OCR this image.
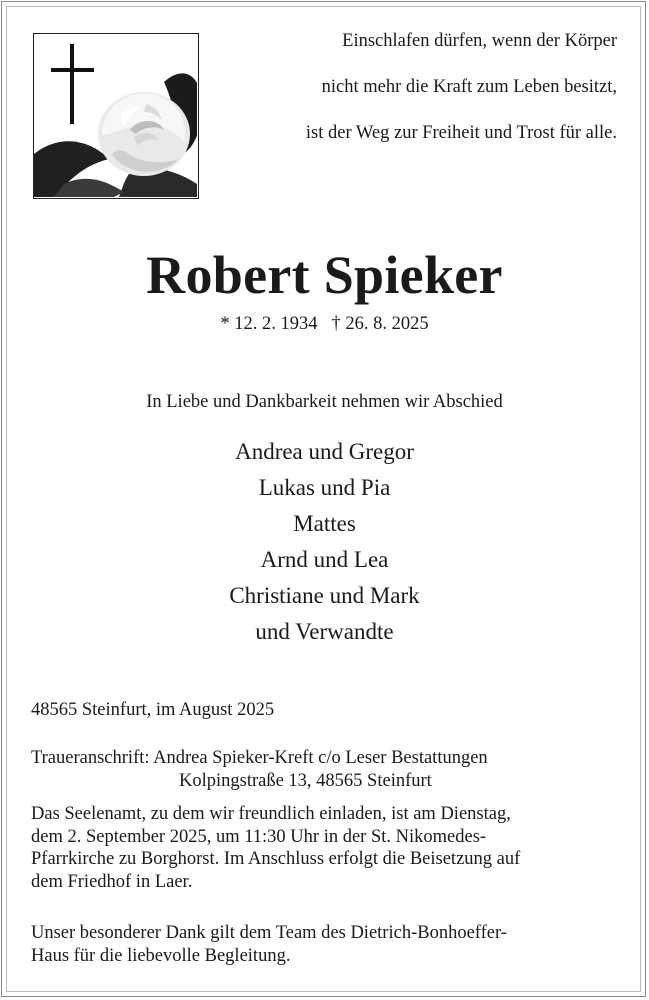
Einschlafen dürfen, wenn der Körper
nicht mehr die Kraft zum Leben besitzt,
ist der Weg zur Freiheit und Trost für alle.
Robert Spieker
* 12. 2. 1934 † 26. 8. 2025
In Liebe und Dankbarkeit nehmen wir Abschied
Andrea und Gregor
Lukas und Pia
Mattes
Arnd und Lea
Christiane und Mark
und Verwandte
48565 Steinfurt, im August 2025
Traueranschrift: Andrea Spieker-Kreft c/o Leser Bestattungen
Kolpingstraße 13, 48565 Steinfurt
Das Seelenamt, zu dem wir freundlich einladen, ist am Dienstag,
dem 2. September 2025, um 11:30 Uhr in der St. Nikomedes-
Pfarrkirche zu Borghorst. Im Anschluss erfolgt die Beisetzung auf
dem Friedhof in Laer.
Unser besonderer Dank gilt dem Team des Dietrich-Bonhoeffer-
Haus für die liebevolle Begleitung.
